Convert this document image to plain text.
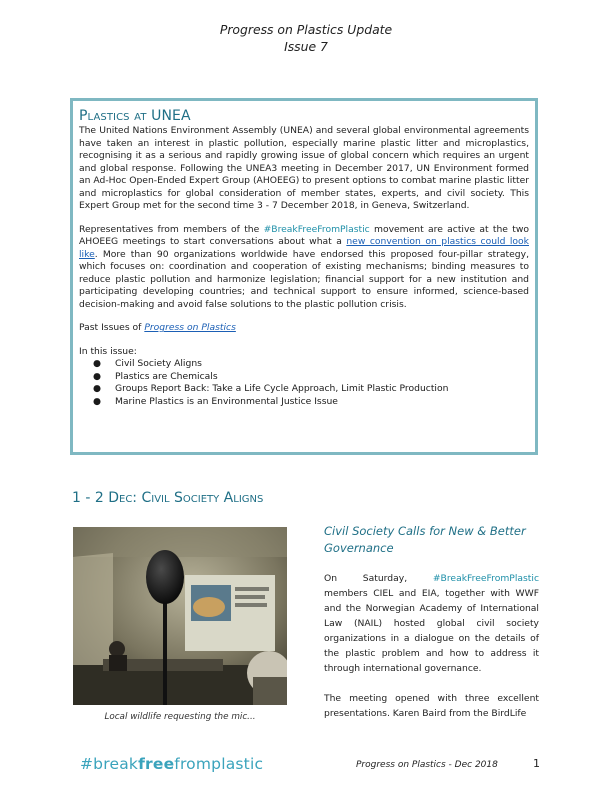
Progress on Plastics Update
Issue 7
Plastics at UNEA

The United Nations Environment Assembly (UNEA) and several global environmental agreements have taken an interest in plastic pollution, especially marine plastic litter and microplastics, recognising it as a serious and rapidly growing issue of global concern which requires an urgent and global response. Following the UNEA3 meeting in December 2017, UN Environment formed an Ad-Hoc Open-Ended Expert Group (AHOEEG) to present options to combat marine plastic litter and microplastics for global consideration of member states, experts, and civil society. This Expert Group met for the second time 3 - 7 December 2018, in Geneva, Switzerland.

Representatives from members of the #BreakFreeFromPlastic movement are active at the two AHOEEG meetings to start conversations about what a new convention on plastics could look like. More than 90 organizations worldwide have endorsed this proposed four-pillar strategy, which focuses on: coordination and cooperation of existing mechanisms; binding measures to reduce plastic pollution and harmonize legislation; financial support for a new institution and participating developing countries; and technical support to ensure informed, science-based decision-making and avoid false solutions to the plastic pollution crisis.

Past Issues of Progress on Plastics

In this issue:
● Civil Society Aligns
● Plastics are Chemicals
● Groups Report Back: Take a Life Cycle Approach, Limit Plastic Production
● Marine Plastics is an Environmental Justice Issue
1 - 2 Dec: Civil Society Aligns
Local wildlife requesting the mic...
Civil Society Calls for New & Better Governance

On Saturday, #BreakFreeFromPlastic members CIEL and EIA, together with WWF and the Norwegian Academy of International Law (NAIL) hosted global civil society organizations in a dialogue on the details of the plastic problem and how to address it through international governance.

The meeting opened with three excellent presentations. Karen Baird from the BirdLife

#breakfreefromplastic	Progress on Plastics - Dec 2018	1
